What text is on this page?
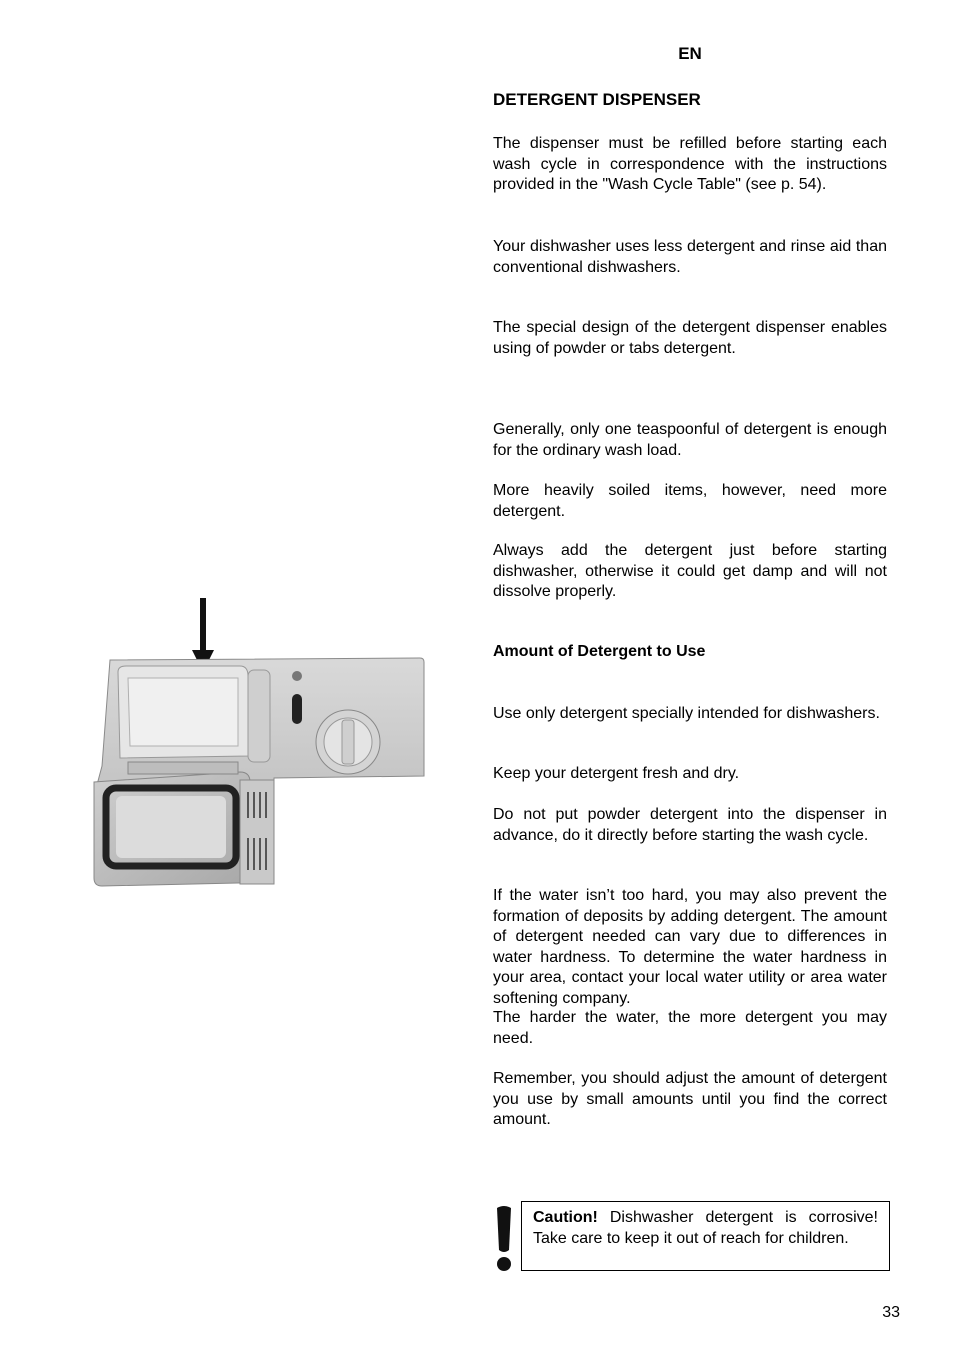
EN
DETERGENT DISPENSER

The dispenser must be refilled before starting each wash cycle in correspondence with the instructions provided in the "Wash Cycle Table" (see p. 54).

Your dishwasher uses less detergent and rinse aid than conventional dishwashers.

The special design of the detergent dispenser enables using of powder or tabs detergent.

Generally, only one teaspoonful of detergent is enough for the ordinary wash load.

More heavily soiled items, however, need more detergent.

Always add the detergent just before starting dishwasher, otherwise it could get damp and will not dissolve properly.

Amount of Detergent to Use

Use only detergent specially intended for dishwashers.

Keep your detergent fresh and dry.

Do not put powder detergent into the dispenser in advance, do it directly before starting the wash cycle.

If the water isn’t too hard, you may also prevent the formation of deposits by adding detergent. The amount of detergent needed can vary due to differences in water hardness. To determine the water hardness in your area, contact your local water utility or area water softening company.

The harder the water, the more detergent you may need.

Remember, you should adjust the amount of detergent you use by small amounts until you find the correct amount.

Caution! Dishwasher detergent is corrosive! Take care to keep it out of reach for children.
33
